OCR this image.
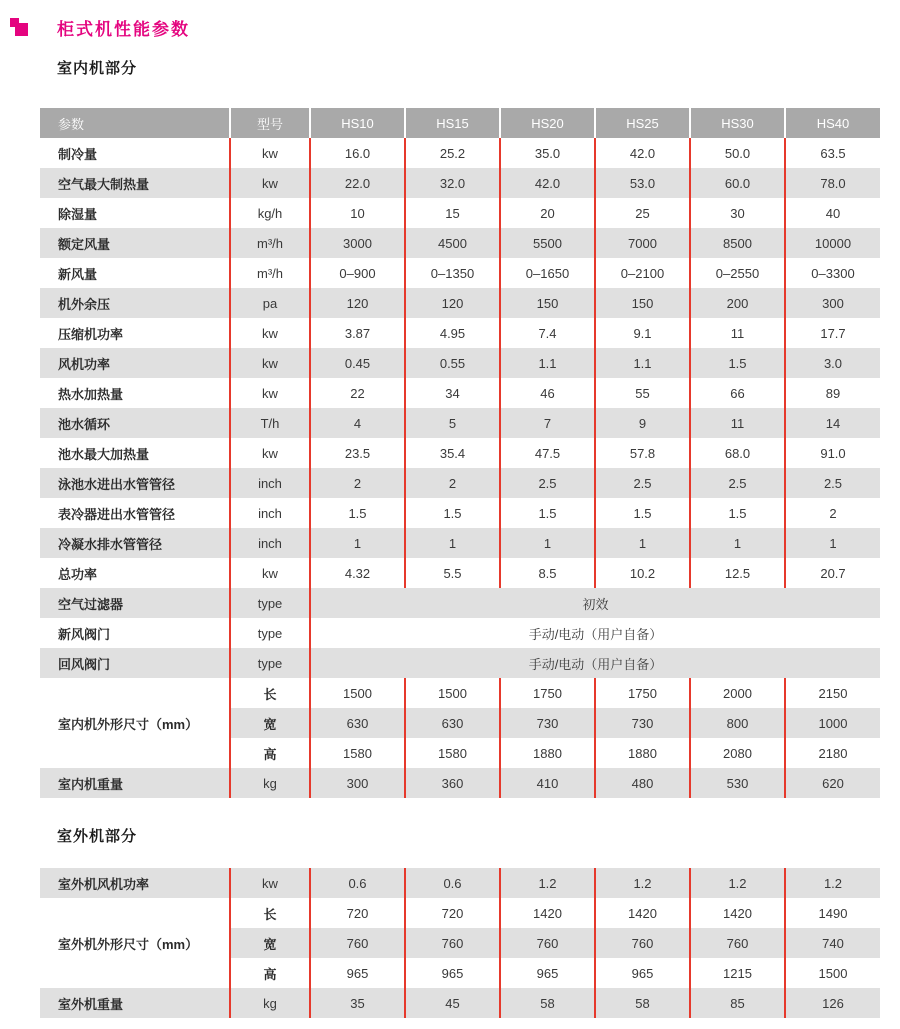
柜式机性能参数
室内机部分
参数	型号	HS10	HS15	HS20	HS25	HS30	HS40
制冷量	kw	16.0	25.2	35.0	42.0	50.0	63.5
空气最大制热量	kw	22.0	32.0	42.0	53.0	60.0	78.0
除湿量	kg/h	10	15	20	25	30	40
额定风量	m³/h	3000	4500	5500	7000	8500	10000
新风量	m³/h	0–900	0–1350	0–1650	0–2100	0–2550	0–3300
机外余压	pa	120	120	150	150	200	300
压缩机功率	kw	3.87	4.95	7.4	9.1	11	17.7
风机功率	kw	0.45	0.55	1.1	1.1	1.5	3.0
热水加热量	kw	22	34	46	55	66	89
池水循环	T/h	4	5	7	9	11	14
池水最大加热量	kw	23.5	35.4	47.5	57.8	68.0	91.0
泳池水进出水管管径	inch	2	2	2.5	2.5	2.5	2.5
表冷器进出水管管径	inch	1.5	1.5	1.5	1.5	1.5	2
冷凝水排水管管径	inch	1	1	1	1	1	1
总功率	kw	4.32	5.5	8.5	10.2	12.5	20.7
空气过滤器	type	初效					
新风阀门	type	手动/电动（用户自备）					
回风阀门	type	手动/电动（用户自备）					
室内机外形尺寸（mm）	长	1500	1500	1750	1750	2000	2150
	宽	630	630	730	730	800	1000
	高	1580	1580	1880	1880	2080	2180
室内机重量	kg	300	360	410	480	530	620
室外机部分
室外机风机功率	kw	0.6	0.6	1.2	1.2	1.2	1.2
室外机外形尺寸（mm）	长	720	720	1420	1420	1420	1490
	宽	760	760	760	760	760	740
	高	965	965	965	965	1215	1500
室外机重量	kg	35	45	58	58	85	126
